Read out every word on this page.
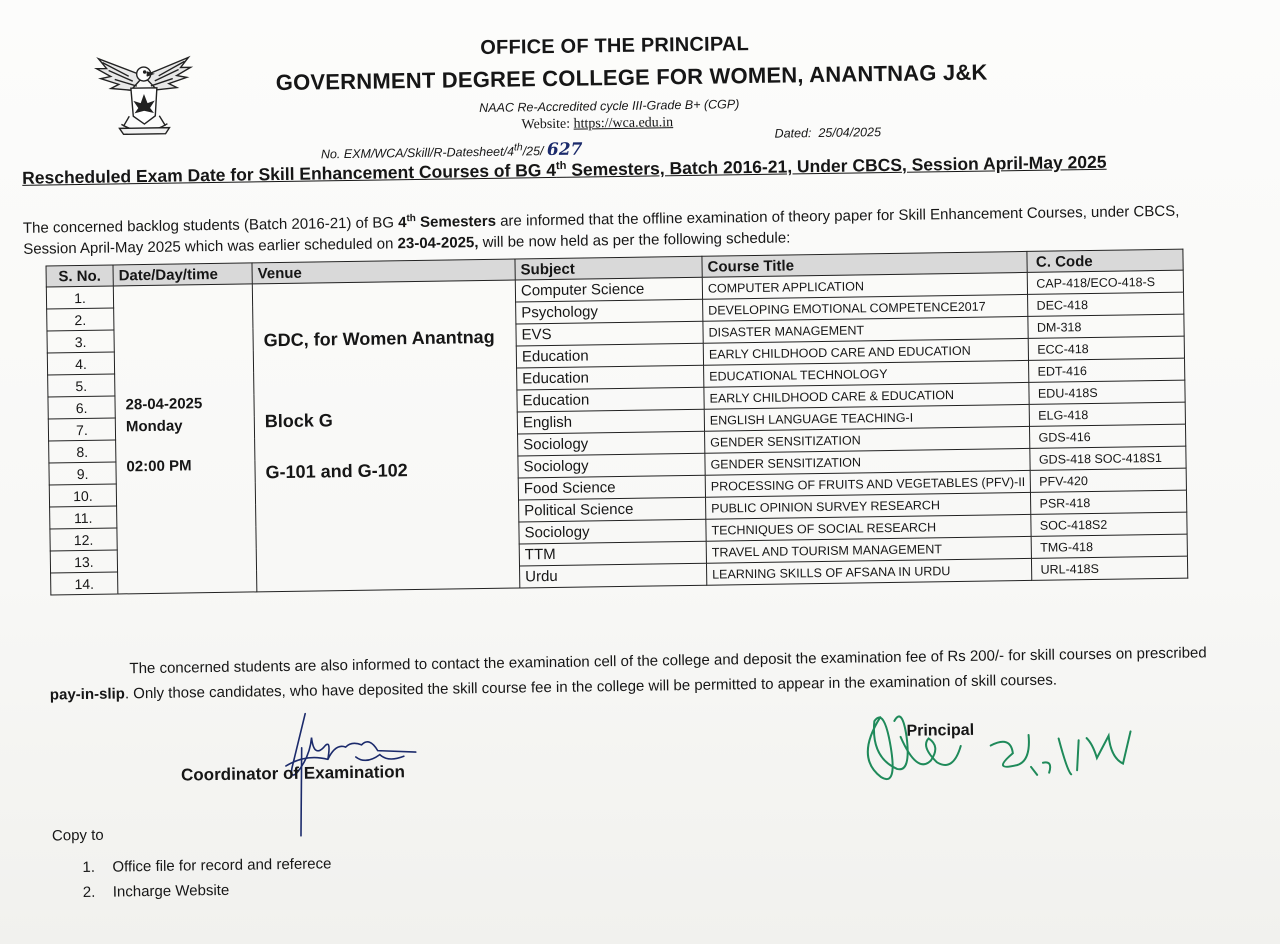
OFFICE OF THE PRINCIPAL
GOVERNMENT DEGREE COLLEGE FOR WOMEN, ANANTNAG J&K
NAAC Re-Accredited cycle III-Grade B+ (CGP)
Website: https://wca.edu.in
No. EXM/WCA/Skill/R-Datesheet/4th/25/ 627
Dated: 25/04/2025
Rescheduled Exam Date for Skill Enhancement Courses of BG 4th Semesters, Batch 2016-21, Under CBCS, Session April-May 2025
The concerned backlog students (Batch 2016-21) of BG 4th Semesters are informed that the offline examination of theory paper for Skill Enhancement Courses, under CBCS, Session April-May 2025 which was earlier scheduled on 23-04-2025, will be now held as per the following schedule:
S. No.	Date/Day/time	Venue	Subject	Course Title	C. Code
1.	28-04-2025
Monday
02:00 PM	GDC, for Women Anantnag
Block G
G-101 and G-102	Computer Science	COMPUTER APPLICATION	CAP-418/ECO-418-S
2.			Psychology	DEVELOPING EMOTIONAL COMPETENCE2017	DEC-418
3.			EVS	DISASTER MANAGEMENT	DM-318
4.			Education	EARLY CHILDHOOD CARE AND EDUCATION	ECC-418
5.			Education	EDUCATIONAL TECHNOLOGY	EDT-416
6.			Education	EARLY CHILDHOOD CARE & EDUCATION	EDU-418S
7.			English	ENGLISH LANGUAGE TEACHING-I	ELG-418
8.			Sociology	GENDER SENSITIZATION	GDS-416
9.			Sociology	GENDER SENSITIZATION	GDS-418 SOC-418S1
10.			Food Science	PROCESSING OF FRUITS AND VEGETABLES (PFV)-II	PFV-420
11.			Political Science	PUBLIC OPINION SURVEY RESEARCH	PSR-418
12.			Sociology	TECHNIQUES OF SOCIAL RESEARCH	SOC-418S2
13.			TTM	TRAVEL AND TOURISM MANAGEMENT	TMG-418
14.			Urdu	LEARNING SKILLS OF AFSANA IN URDU	URL-418S
The concerned students are also informed to contact the examination cell of the college and deposit the examination fee of Rs 200/- for skill courses on prescribed pay-in-slip. Only those candidates, who have deposited the skill course fee in the college will be permitted to appear in the examination of skill courses.
Coordinator of Examination
Principal
Copy to
1. Office file for record and referece
2. Incharge Website
